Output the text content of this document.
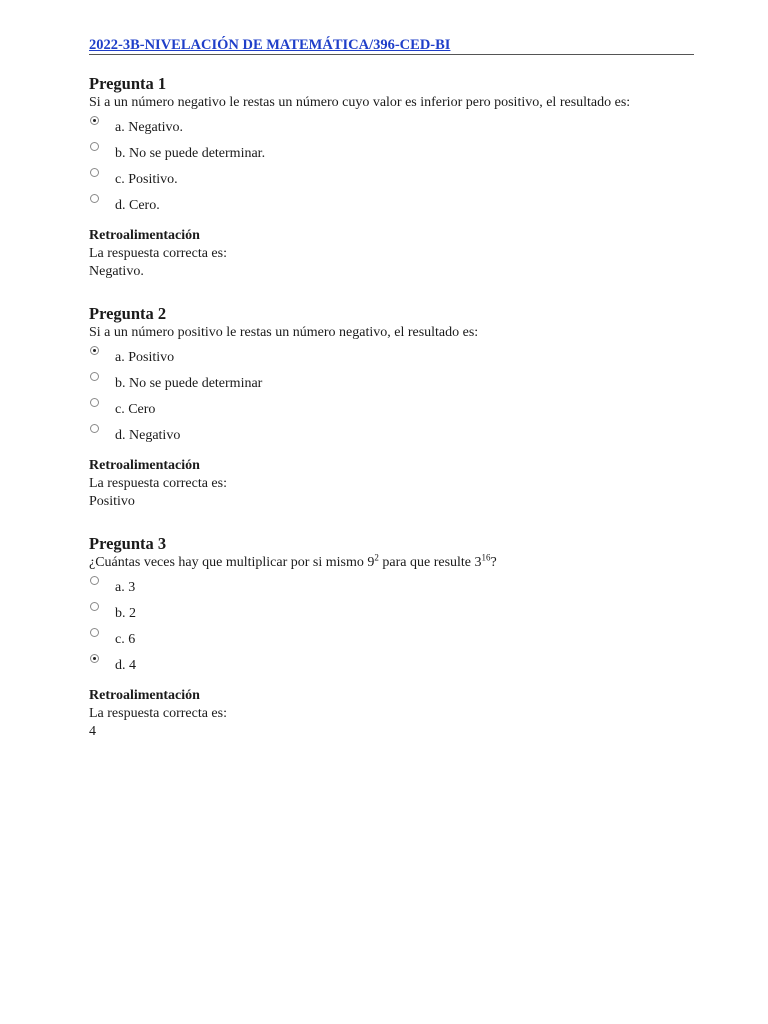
2022-3B-NIVELACIÓN DE MATEMÁTICA/396-CED-BI

Pregunta 1

Si a un número negativo le restas un número cuyo valor es inferior pero positivo, el resultado es:

a. Negativo.
b. No se puede determinar.
c. Positivo.
d. Cero.

Retroalimentación

La respuesta correcta es:

Negativo.

Pregunta 2

Si a un número positivo le restas un número negativo, el resultado es:

a. Positivo
b. No se puede determinar
c. Cero
d. Negativo

Retroalimentación

La respuesta correcta es:

Positivo

Pregunta 3

¿Cuántas veces hay que multiplicar por si mismo $9^2$ para que resulte $3^{16}$?

a. 3
b. 2
c. 6
d. 4

Retroalimentación

La respuesta correcta es:

4
